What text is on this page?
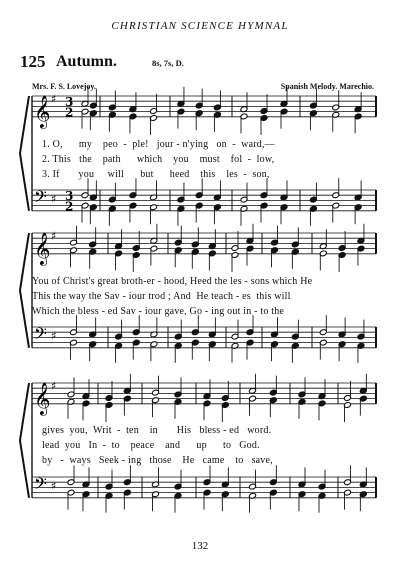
CHRISTIAN SCIENCE HYMNAL
125 Autumn.	8s, 7s, D.
Mrs. F. S. Lovejoy.	Spanish Melody. Marechio.
𝄞 ♯
𝄢 ♯
3
2
3
2
𝄞 ♯
𝄢 ♯
𝄞 ♯
𝄢 ♯
1. O,      my    peo  -  ple!   jour - n'ying   on  -  ward,—
2. This   the    path      which    you    must    fol  -  low,
3. If       you     will      but      heed    this    les  -  son,
You of Christ's great broth-er - hood, Heed the les - sons which He
This the way the Sav - iour trod ; And  He teach - es  this will
Which the bless - ed Sav - iour gave, Go - ing out in - to the
gives  you,  Writ  -  ten    in       His   bless - ed   word.
lead  you   In  -  to    peace    and      up      to   God.
by   -  ways   Seek - ing   those    He   came    to   save,
132
